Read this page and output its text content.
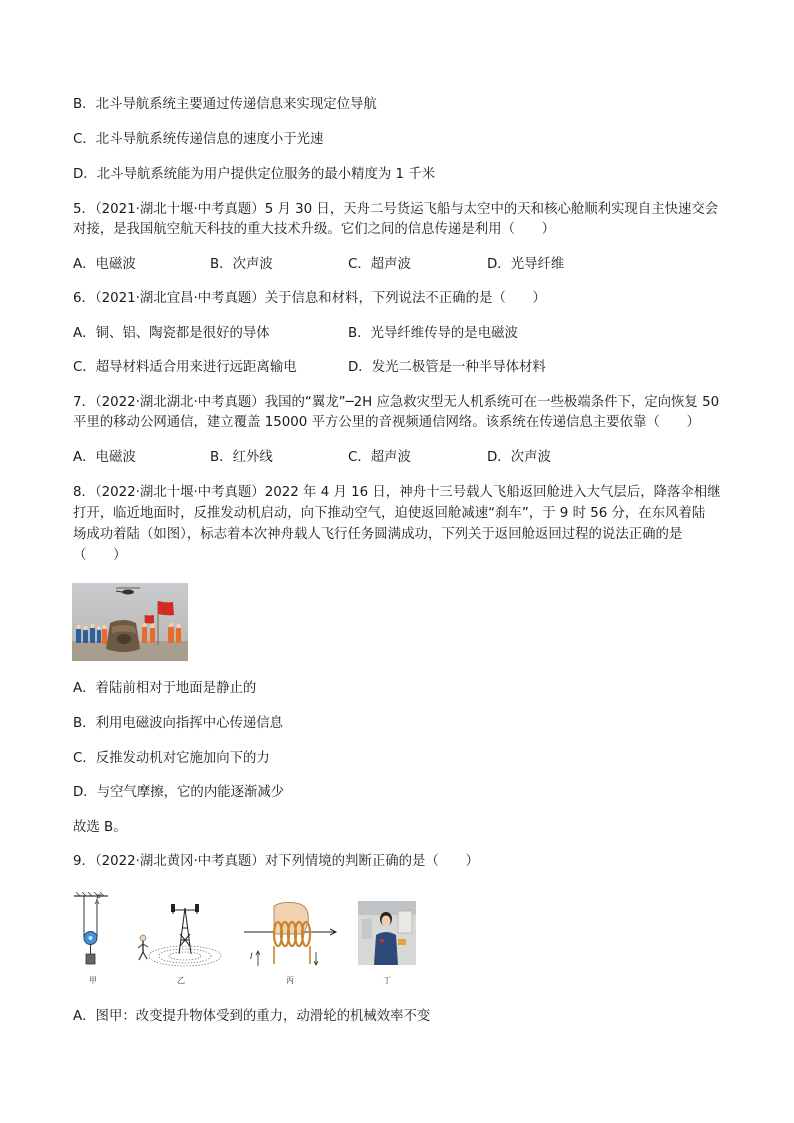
B．北斗导航系统主要通过传递信息来实现定位导航
C．北斗导航系统传递信息的速度小于光速
D．北斗导航系统能为用户提供定位服务的最小精度为 1 千米
5．（2021·湖北十堰·中考真题）5 月 30 日，天舟二号货运飞船与太空中的天和核心舱顺利实现自主快速交会
对接，是我国航空航天科技的重大技术升级。它们之间的信息传递是利用（　　）
A．电磁波	B．次声波	C．超声波	D．光导纤维
6．（2021·湖北宜昌·中考真题）关于信息和材料，下列说法不正确的是（　　）
A．铜、铝、陶瓷都是很好的导体	B．光导纤维传导的是电磁波
C．超导材料适合用来进行远距离输电	D．发光二极管是一种半导体材料
7．（2022·湖北湖北·中考真题）我国的“翼龙”─2H 应急救灾型无人机系统可在一些极端条件下，定向恢复 50
平里的移动公网通信，建立覆盖 15000 平方公里的音视频通信网络。该系统在传递信息主要依靠（　　）
A．电磁波	B．红外线	C．超声波	D．次声波
8．（2022·湖北十堰·中考真题）2022 年 4 月 16 日，神舟十三号载人飞船返回舱进入大气层后，降落伞相继
打开，临近地面时，反推发动机启动，向下推动空气，迫使返回舱减速“刹车”，于 9 时 56 分，在东风着陆
场成功着陆（如图），标志着本次神舟载人飞行任务圆满成功，下列关于返回舱返回过程的说法正确的是
（　　）
A．着陆前相对于地面是静止的
B．利用电磁波向指挥中心传递信息
C．反推发动机对它施加向下的力
D．与空气摩擦，它的内能逐渐减少
故选 B。
9．（2022·湖北黄冈·中考真题）对下列情境的判断正确的是（　　）
F
甲	乙
I
丙	丁
A．图甲：改变提升物体受到的重力，动滑轮的机械效率不变
